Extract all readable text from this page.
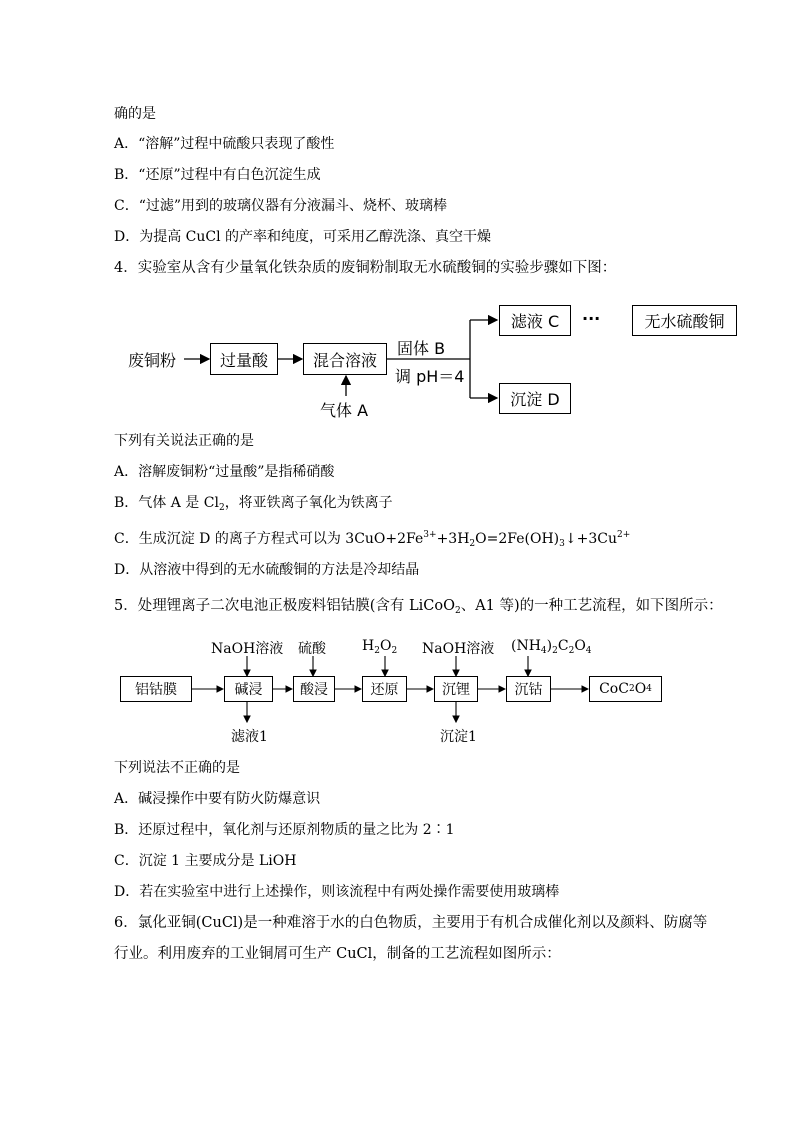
确的是
A．“溶解”过程中硫酸只表现了酸性
B．“还原”过程中有白色沉淀生成
C．“过滤”用到的玻璃仪器有分液漏斗、烧杯、玻璃棒
D．为提高 CuCl 的产率和纯度，可采用乙醇洗涤、真空干燥
4．实验室从含有少量氧化铁杂质的废铜粉制取无水硫酸铜的实验步骤如下图：
废铜粉	过量酸	混合溶液
气体 A
固体 B
调 pH＝4
滤液 C	···	无水硫酸铜
沉淀 D
下列有关说法正确的是
A．溶解废铜粉“过量酸”是指稀硝酸
B．气体 A 是 $Cl_2$，将亚铁离子氧化为铁离子
C．生成沉淀 D 的离子方程式可以为 $3CuO+2Fe^{3+}+3H_2O=2Fe(OH)_3↓+3Cu^{2+}$
D．从溶液中得到的无水硫酸铜的方法是冷却结晶
5．处理锂离子二次电池正极废料铝钴膜(含有 LiCoO$_2$、A1 等)的一种工艺流程，如下图所示：
铝钴膜	碱浸	酸浸	还原	沉锂	沉钴	CoC 2 O 4
NaOH溶液 硫酸	$H_2O_2$ NaOH溶液 $(NH_4)_2C_2O_4$
滤液1	沉淀1
下列说法不正确的是
A．碱浸操作中要有防火防爆意识
B．还原过程中，氧化剂与还原剂物质的量之比为 2∶1
C．沉淀 1 主要成分是 LiOH
D．若在实验室中进行上述操作，则该流程中有两处操作需要使用玻璃棒
6．氯化亚铜(CuCl)是一种难溶于水的白色物质，主要用于有机合成催化剂以及颜料、防腐等
行业。利用废弃的工业铜屑可生产 CuCl，制备的工艺流程如图所示：
